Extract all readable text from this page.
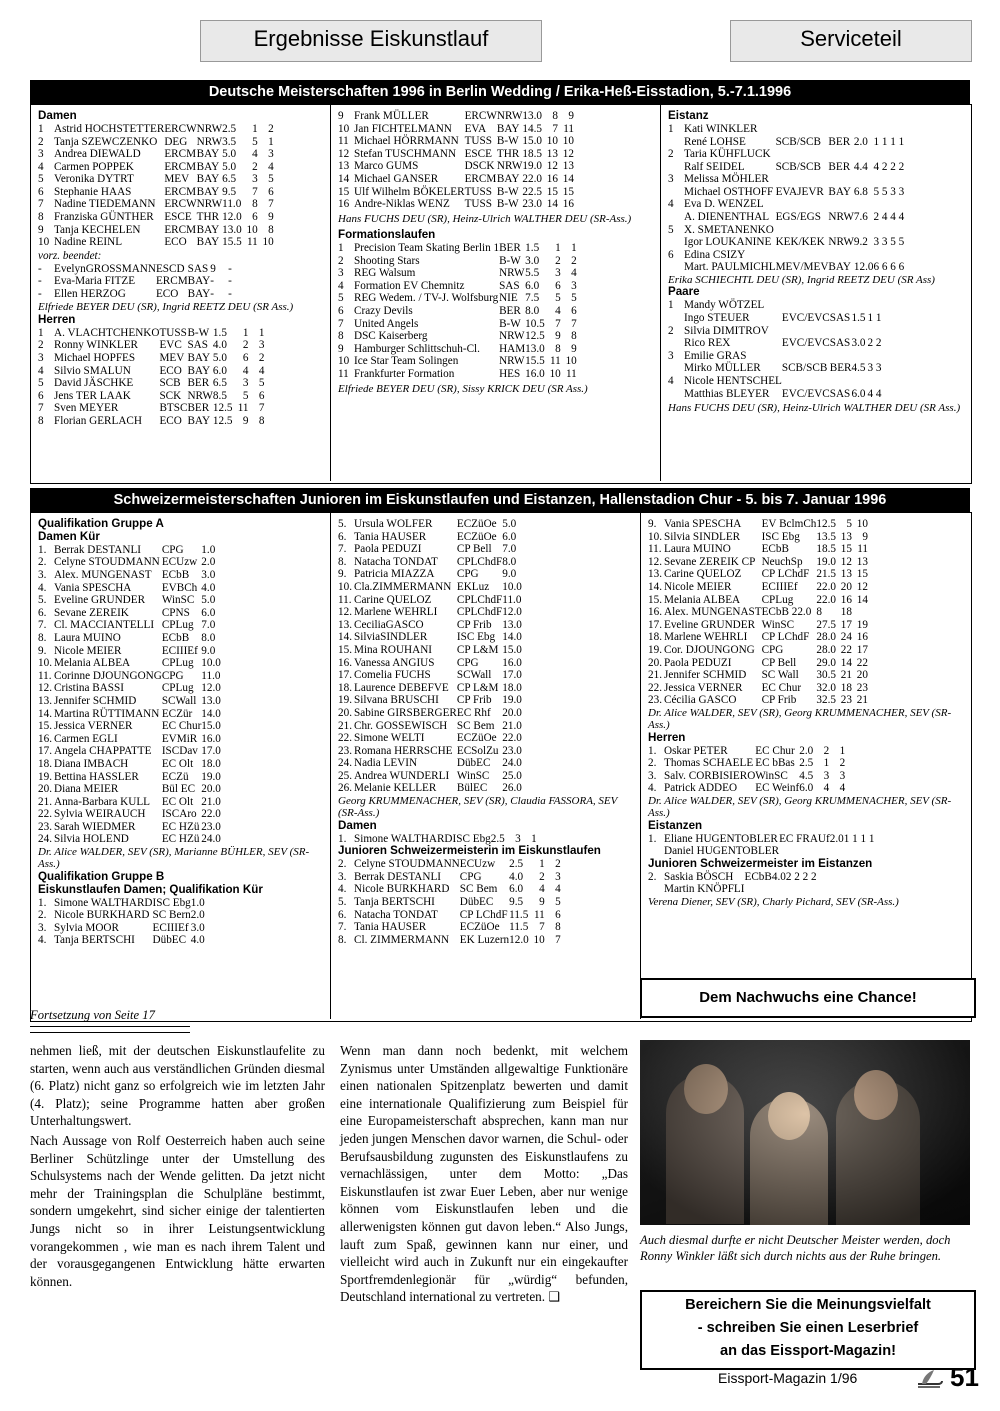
Ergebnisse Eiskunstlauf	Serviceteil
Deutsche Meisterschaften 1996 in Berlin Wedding / Erika-Heß-Eisstadion, 5.-7.1.1996
Damen
1	Astrid HOCHSTETTER	ERCW	NRW	2.5	1	2
2	Tanja SZEWCZENKO	DEG	NRW	3.5	5	1
3	Andrea DIEWALD	ERCM	BAY	5.0	4	3
4	Carmen POPPEK	ERCM	BAY	5.0	2	4
5	Veronika DYTRT	MEV	BAY	6.5	3	5
6	Stephanie HAAS	ERCM	BAY	9.5	7	6
7	Nadine TIEDEMANN	ERCW	NRW	11.0	8	7
8	Franziska GÜNTHER	ESCE	THR	12.0	6	9
9	Tanja KECHELEN	ERCM	BAY	13.0	10	8
10	Nadine REINL	ECO	BAY	15.5	11	10
vorz. beendet:
-	EvelynGROSSMANN	ESCD	SAS	9	-	
-	Eva-Maria FITZE	ERCM	BAY	-	-	
-	Ellen HERZOG	ECO	BAY	-	-	
Elfriede BEYER DEU (SR), Ingrid REETZ DEU (SR Ass.)
Herren
1	A. VLACHTCHENKO	TUSS	B-W	1.5	1	1
2	Ronny WINKLER	EVC	SAS	4.0	2	3
3	Michael HOPFES	MEV	BAY	5.0	6	2
4	Silvio SMALUN	ECO	BAY	6.0	4	4
5	David JÄSCHKE	SCB	BER	6.5	3	5
6	Jens TER LAAK	SCK	NRW	8.5	5	6
7	Sven MEYER	BTSC	BER	12.5	11	7
8	Florian GERLACH	ECO	BAY	12.5	9	8
9	Frank MÜLLER	ERCW	NRW	13.0	8	9
10	Jan FICHTELMANN	EVA	BAY	14.5	7	11
11	Michael HÖRRMANN	TUSS	B-W	15.0	10	10
12	Stefan TUSCHMANN	ESCE	THR	18.5	13	12
13	Marco GUMS	DSCK	NRW	19.0	12	13
14	Michael GANSER	ERCM	BAY	22.0	16	14
15	Ulf Wilhelm BÖKELER	TUSS	B-W	22.5	15	15
16	Andre-Niklas WENZ	TUSS	B-W	23.0	14	16
Hans FUCHS DEU (SR), Heinz-Ulrich WALTHER DEU (SR-Ass.)
Formationslaufen
1	Precision Team Skating Berlin 1	BER	1.5	1	1
2	Shooting Stars	B-W	3.0	2	2
3	REG Walsum	NRW	5.5	3	4
4	Formation EV Chemnitz	SAS	6.0	6	3
5	REG Wedem. / TV-J. Wolfsburg	NIE	7.5	5	5
6	Crazy Devils	BER	8.0	4	6
7	United Angels	B-W	10.5	7	7
8	DSC Kaiserberg	NRW	12.5	9	8
9	Hamburger Schlittschuh-Cl.	HAM	13.0	8	9
10	Ice Star Team Solingen	NRW	15.5	11	10
11	Frankfurter Formation	HES	16.0	10	11
Elfriede BEYER DEU (SR), Sissy KRICK DEU (SR Ass.)
Eistanz
1	Kati WINKLER					
	René LOHSE	SCB/SCB	BER	2.0	1 1 1 1	
2	Taria KÜHFLUCK					
	Ralf SEIDEL	SCB/SCB	BER	4.4	4 2 2 2	
3	Melissa MÖHLER					
	Michael OSTHOFF	EVAJEVR	BAY	6.8	5 5 3 3	
4	Eva D. WENZEL					
	A. DIENENTHAL	EGS/EGS	NRW	7.6	2 4 4 4	
5	X. SMETANENKO					
	Igor LOUKANINE	KEK/KEK	NRW	9.2	3 3 5 5	
6	Edina CSIZY					
	Mart. PAULMICHL	MEV/MEV	BAY	12.0	6 6 6 6	
Erika SCHIECHTL DEU (SR), Ingrid REETZ DEU (SR Ass)
Paare
1	Mandy WÖTZEL					
	Ingo STEUER	EVC/EVC	SAS	1.5	1 1	
2	Silvia DIMITROV					
	Rico REX	EVC/EVC	SAS	3.0	2 2	
3	Emilie GRAS					
	Mirko MÜLLER	SCB/SCB	BER	4.5	3 3	
4	Nicole HENTSCHEL					
	Matthias BLEYER	EVC/EVC	SAS	6.0	4 4	
Hans FUCHS DEU (SR), Heinz-Ulrich WALTHER DEU (SR Ass.)
Schweizermeisterschaften Junioren im Eiskunstlaufen und Eistanzen, Hallenstadion Chur - 5. bis 7. Januar 1996
Qualifikation Gruppe A
Damen Kür
1.	Berrak DESTANLI	CPG	1.0
2.	Celyne STOUDMANN	ECUzw	2.0
3.	Alex. MUNGENAST	ECbB	3.0
4.	Vania SPESCHA	EVBCh	4.0
5.	Eveline GRUNDER	WinSC	5.0
6.	Sevane ZEREIK	CPNS	6.0
7.	Cl. MACCIANTELLI	CPLug	7.0
8.	Laura MUINO	ECbB	8.0
9.	Nicole MEIER	ECIIIEf	9.0
10.	Melania ALBEA	CPLug	10.0
11.	Corinne DJOUNGONG	CPG	11.0
12.	Cristina BASSI	CPLug	12.0
13.	Jennifer SCHMID	SCWall	13.0
14.	Martina RÜTTIMANN	ECZür	14.0
15.	Jessica VERNER	EC Chur	15.0
16.	Carmen EGLI	EVMiR	16.0
17.	Angela CHAPPATTE	ISCDav	17.0
18.	Diana IMBACH	EC Olt	18.0
19.	Bettina HASSLER	ECZü	19.0
20.	Diana MEIER	Bül EC	20.0
21.	Anna-Barbara KULL	EC Olt	21.0
22.	Sylvia WEIRAUCH	ISCAro	22.0
23.	Sarah WIEDMER	EC HZü	23.0
24.	Silvia HOLEND	EC HZü	24.0
Dr. Alice WALDER, SEV (SR), Marianne BÜHLER, SEV (SR-Ass.)
Qualifikation Gruppe B
Eiskunstlaufen Damen; Qualifikation Kür
1.	Simone WALTHARD	ISC Ebg	1.0
2.	Nicole BURKHARD	SC Bern	2.0
3.	Sylvia MOOR	ECIIIEf	3.0
4.	Tanja BERTSCHI	DübEC	4.0
5.	Ursula WOLFER	ECZüOe	5.0
6.	Tania HAUSER	ECZüOe	6.0
7.	Paola PEDUZI	CP Bell	7.0
8.	Natacha TONDAT	CPLChdF	8.0
9.	Patricia MIAZZA	CPG	9.0
10.	Cla.ZIMMERMANN	EKLuz	10.0
11.	Carine QUELOZ	CPLChdF	11.0
12.	Marlene WEHRLI	CPLChdF	12.0
13.	CeciliaGASCO	CP Frib	13.0
14.	SilviaSINDLER	ISC Ebg	14.0
15.	Mina ROUHANI	CP L&M	15.0
16.	Vanessa ANGIUS	CPG	16.0
17.	Comelia FUCHS	SCWall	17.0
18.	Laurence DEBEFVE	CP L&M	18.0
19.	Silvana BRUSCHI	CP Frib	19.0
20.	Sabine GIRSBERGER	EC Rhf	20.0
21.	Chr. GOSSEWISCH	SC Bem	21.0
22.	Simone WELTI	ECZüOe	22.0
23.	Romana HERRSCHE	ECSolZu	23.0
24.	Nadia LEVIN	DübEC	24.0
25.	Andrea WUNDERLI	WinSC	25.0
26.	Melanie KELLER	BülEC	26.0
Georg KRUMMENACHER, SEV (SR), Claudia FASSORA, SEV (SR-Ass.)
Damen
1.	Simone WALTHARD	ISC Ebg	2.5	3	1
Junioren Schweizermeisterin im Eiskunstlaufen
2.	Celyne STOUDMANN	ECUzw	2.5	1	2
3.	Berrak DESTANLI	CPG	4.0	2	3
4.	Nicole BURKHARD	SC Bem	6.0	4	4
5.	Tanja BERTSCHI	DübEC	9.5	9	5
6.	Natacha TONDAT	CP LChdF	11.5	11	6
7.	Tania HAUSER	ECZüOe	11.5	7	8
8.	Cl. ZIMMERMANN	EK Luzern	12.0	10	7
9.	Vania SPESCHA	EV BclmCh	12.5	5	10
10.	Silvia SINDLER	ISC Ebg	13.5	13	9
11.	Laura MUINO	ECbB	18.5	15	11
12.	Sevane ZEREIK CP	NeuchSp	19.0	12	13
13.	Carine QUELOZ	CP LChdF	21.5	13	15
14.	Nicole MEIER	ECIIIEf	22.0	20	12
15.	Melania ALBEA	CPLug	22.0	16	14
16.	Alex. MUNGENAST	ECbB 22.0	8	18	
17.	Eveline GRUNDER	WinSC	27.5	17	19
18.	Marlene WEHRLI	CP LChdF	28.0	24	16
19.	Cor. DJOUNGONG	CPG	28.0	22	17
20.	Paola PEDUZI	CP Bell	29.0	14	22
21.	Jennifer SCHMID	SC Wall	30.5	21	20
22.	Jessica VERNER	EC Chur	32.0	18	23
23.	Cécilia GASCO	CP Frib	32.5	23	21
Dr. Alice WALDER, SEV (SR), Georg KRUMMENACHER, SEV (SR-Ass.)
Herren
1.	Oskar PETER	EC Chur	2.0	2	1
2.	Thomas SCHAELE	EC bBas	2.5	1	2
3.	Salv. CORBISIERO	WinSC	4.5	3	3
4.	Patrick ADDEO	EC Weinf	6.0	4	4
Dr. Alice WALDER, SEV (SR), Georg KRUMMENACHER, SEV (SR-Ass.)
Eistanzen
1.	Eliane HUGENTOBLER	EC FRAUf	2.0	1 1 1 1
	Daniel HUGENTOBLER			
Junioren Schweizermeister im Eistanzen
2.	Saskia BÖSCH	ECbB	4.0	2 2 2 2
	Martin KNÖPFLI			
Verena Diener, SEV (SR), Charly Pichard, SEV (SR-Ass.)
Dem Nachwuchs eine Chance!
Fortsetzung von Seite 17

nehmen ließ, mit der deutschen Eiskunstlaufelite zu starten, wenn auch aus verständlichen Gründen diesmal (6. Platz) nicht ganz so erfolgreich wie im letzten Jahr (4. Platz); seine Programme hatten aber großen Unterhaltungswert.

Nach Aussage von Rolf Oesterreich haben auch seine Berliner Schützlinge unter der Umstellung des Schulsystems nach der Wende gelitten. Da jetzt nicht mehr der Trainingsplan die Schulpläne bestimmt, sondern umgekehrt, sind sicher einige der talentierten Jungs nicht so in ihrer Leistungsentwicklung vorangekommen , wie man es nach ihrem Talent und der vorausgegangenen Entwicklung hätte erwarten können.

Wenn man dann noch bedenkt, mit welchem Zynismus unter Umständen allgewaltige Funktionäre einen nationalen Spitzenplatz bewerten und damit eine internationale Qualifizierung zum Beispiel für eine Europameisterschaft absprechen, kann man nur jeden jungen Menschen davor warnen, die Schul- oder Berufsausbildung zugunsten des Eiskunstlaufens zu vernachlässigen, unter dem Motto: „Das Eiskunstlaufen ist zwar Euer Leben, aber nur wenige können vom Eiskunstlaufen leben und die allerwenigsten können gut davon leben.“ Also Jungs, lauft zum Spaß, gewinnen kann nur einer, und vielleicht wird auch in Zukunft nur ein eingekaufter Sportfremdenlegionär für „würdig“ befunden, Deutschland international zu vertreten. ❑

Auch diesmal durfte er nicht Deutscher Meister werden, doch Ronny Winkler läßt sich durch nichts aus der Ruhe bringen.
Bereichern Sie die Meinungsvielfalt
- schreiben Sie einen Leserbrief
an das Eissport-Magazin!
Eissport-Magazin 1/96	51
